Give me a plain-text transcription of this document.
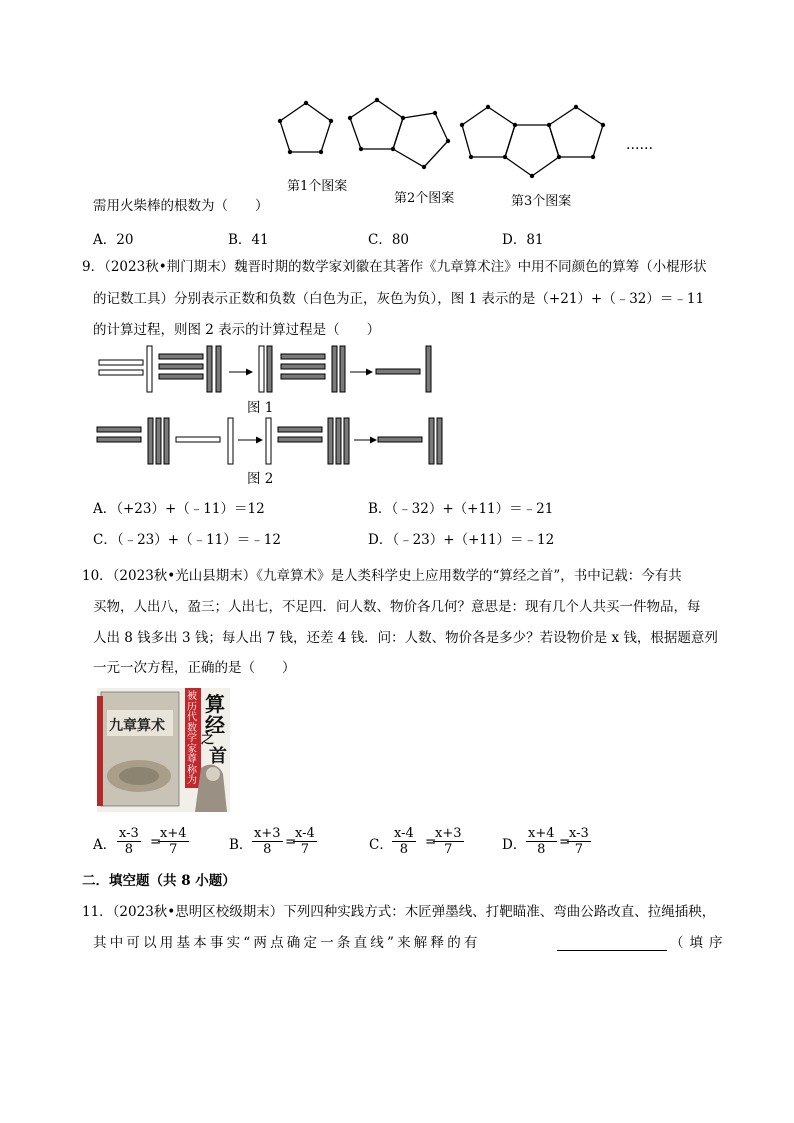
第1个图案
第2个图案	第3个图案
……
需用火柴棒的根数为（　　）
A．20	B．41	C．80	D．81
9．（2023秋•荆门期末）魏晋时期的数学家刘徽在其著作《九章算术注》中用不同颜色的算筹（小棍形状
的记数工具）分别表示正数和负数（白色为正，灰色为负），图 1 表示的是（+21）+（﹣32）＝﹣11
的计算过程，则图 2 表示的计算过程是（　　）
图 1
图 2
A．（+23）+（﹣11）＝12	B．（﹣32）+（+11）＝﹣21
C．（﹣23）+（﹣11）＝﹣12	D．（﹣23）+（+11）＝﹣12
10．（2023秋•光山县期末）《九章算术》是人类科学史上应用数学的“算经之首”，书中记载：今有共
买物，人出八，盈三；人出七，不足四．问人数、物价各几何？意思是：现有几个人共买一件物品，每
人出 8 钱多出 3 钱；每人出 7 钱，还差 4 钱．问：人数、物价各是多少？若设物价是 x 钱，根据题意列
一元一次方程，正确的是（　　）
九章算术
被历代数学家尊称为
算
经
之
首
A． $\frac{x-3}{8}$ =
$\frac{x+4}{7}$	B． $\frac{x+3}{8}$ =
$\frac{x-4}{7}$	C． $\frac{x-4}{8}$ =
$\frac{x+3}{7}$	D． $\frac{x+4}{8}$ =
$\frac{x-3}{7}$
二．填空题（共 8 小题）
11．（2023秋•思明区校级期末）下列四种实践方式：木匠弹墨线、打靶瞄准、弯曲公路改直、拉绳插秧，
其中可以用基本事实“两点确定一条直线”来解释的有	（填序
